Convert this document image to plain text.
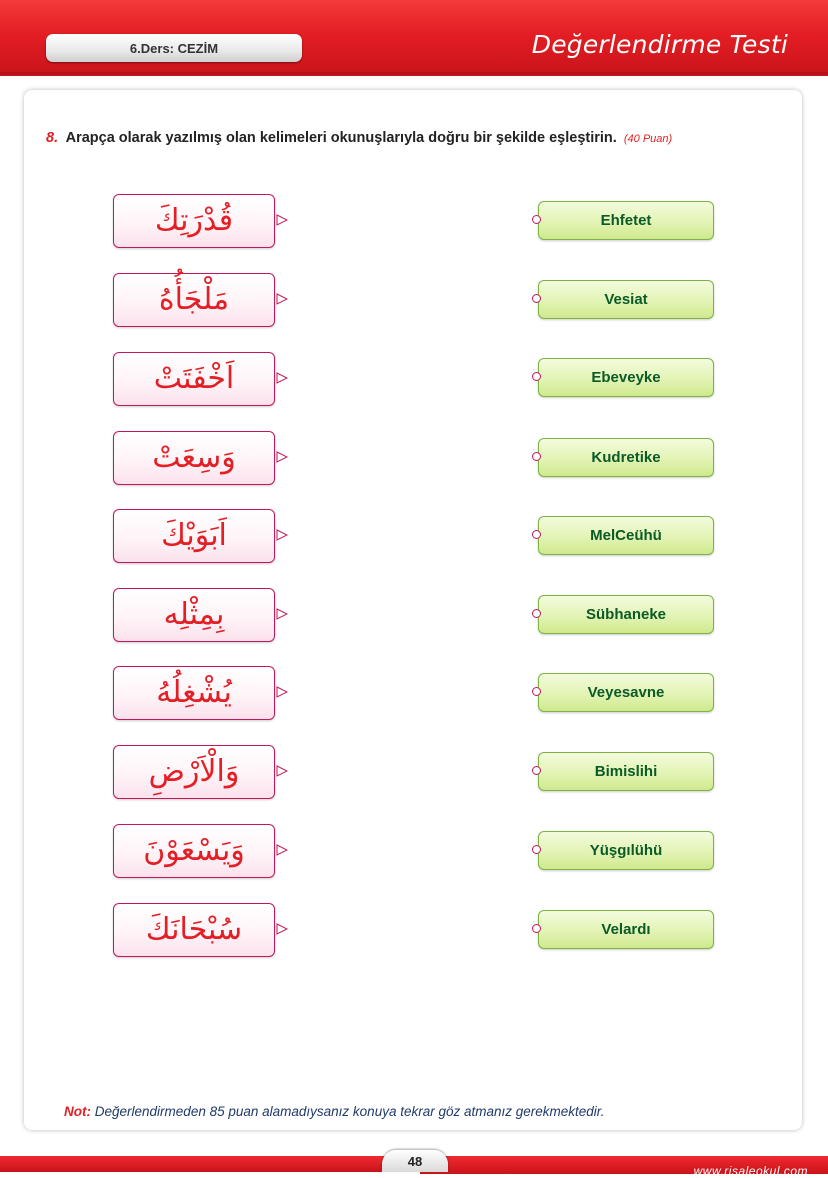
6.Ders: CEZİM	Değerlendirme Testi
8. Arapça olarak yazılmış olan kelimeleri okunuşlarıyla doğru bir şekilde eşleştirin. (40 Puan)
قُدْرَتِكَ
مَلْجَأُهُ
اَخْفَتَتْ
وَسِعَتْ
اَبَوَيْكَ
بِمِثْلِه
يُشْغِلُهُ
وَالْاَرْضِ
وَيَسْعَوْنَ
سُبْحَانَكَ
Ehfetet
Vesiat
Ebeveyke
Kudretike
MelCeühü
Sübhaneke
Veyesavne
Bimislihi
Yüşgılühü
Velardı
Not: Değerlendirmeden 85 puan alamadıysanız konuya tekrar göz atmanız gerekmektedir.
www.risaleokul.com
48
